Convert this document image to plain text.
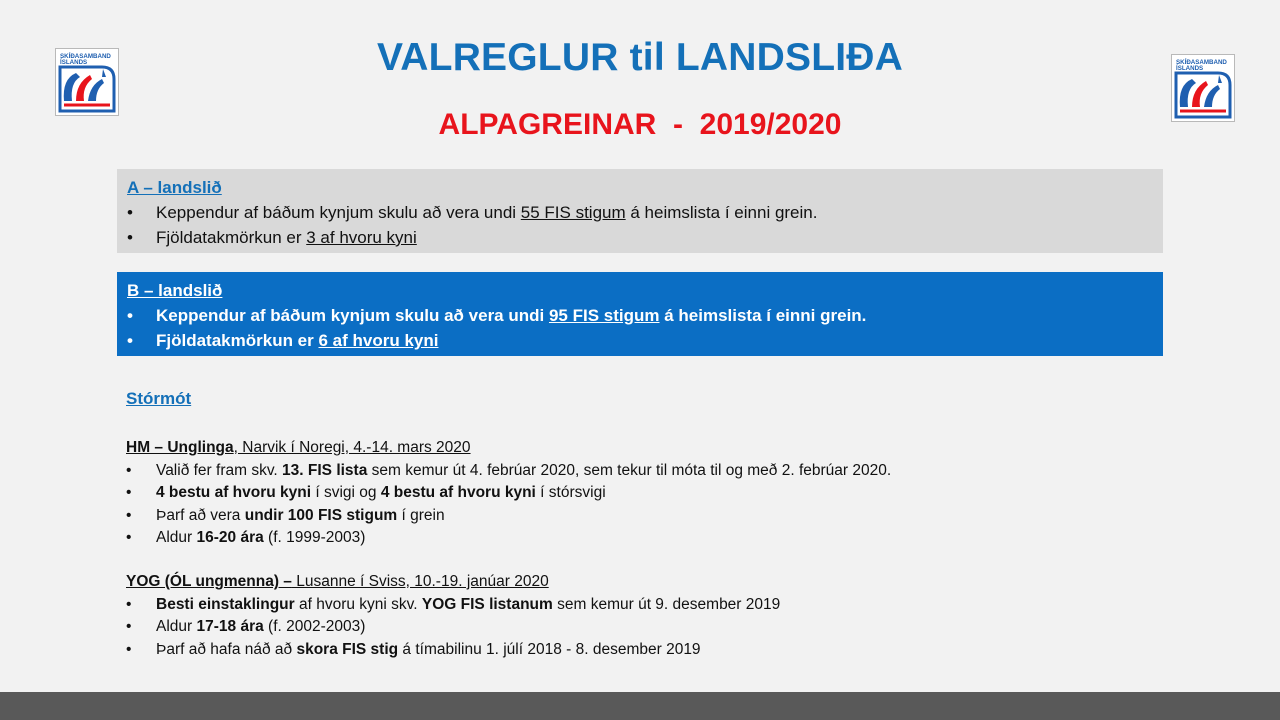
SKÍÐASAMBAND
ÍSLANDS	SKÍÐASAMBAND
ÍSLANDS
VALREGLUR til LANDSLIÐA
ALPAGREINAR  -  2019/2020
A – landslið
•	Keppendur af báðum kynjum skulu að vera undi 55 FIS stigum á heimslista í einni grein.
•	Fjöldatakmörkun er 3 af hvoru kyni
B – landslið
•	Keppendur af báðum kynjum skulu að vera undi 95 FIS stigum á heimslista í einni grein.
•	Fjöldatakmörkun er 6 af hvoru kyni
Stórmót
HM – Unglinga, Narvik í Noregi, 4.-14. mars 2020
•	Valið fer fram skv. 13. FIS lista sem kemur út 4. febrúar 2020, sem tekur til móta til og með 2. febrúar 2020.
•	4 bestu af hvoru kyni í svigi og 4 bestu af hvoru kyni í stórsvigi
•	Þarf að vera undir 100 FIS stigum í grein
•	Aldur 16-20 ára (f. 1999-2003)
YOG (ÓL ungmenna) – Lusanne í Sviss, 10.-19. janúar 2020
•	Besti einstaklingur af hvoru kyni skv. YOG FIS listanum sem kemur út 9. desember 2019
•	Aldur 17-18 ára (f. 2002-2003)
•	Þarf að hafa náð að skora FIS stig á tímabilinu 1. júlí 2018 - 8. desember 2019
